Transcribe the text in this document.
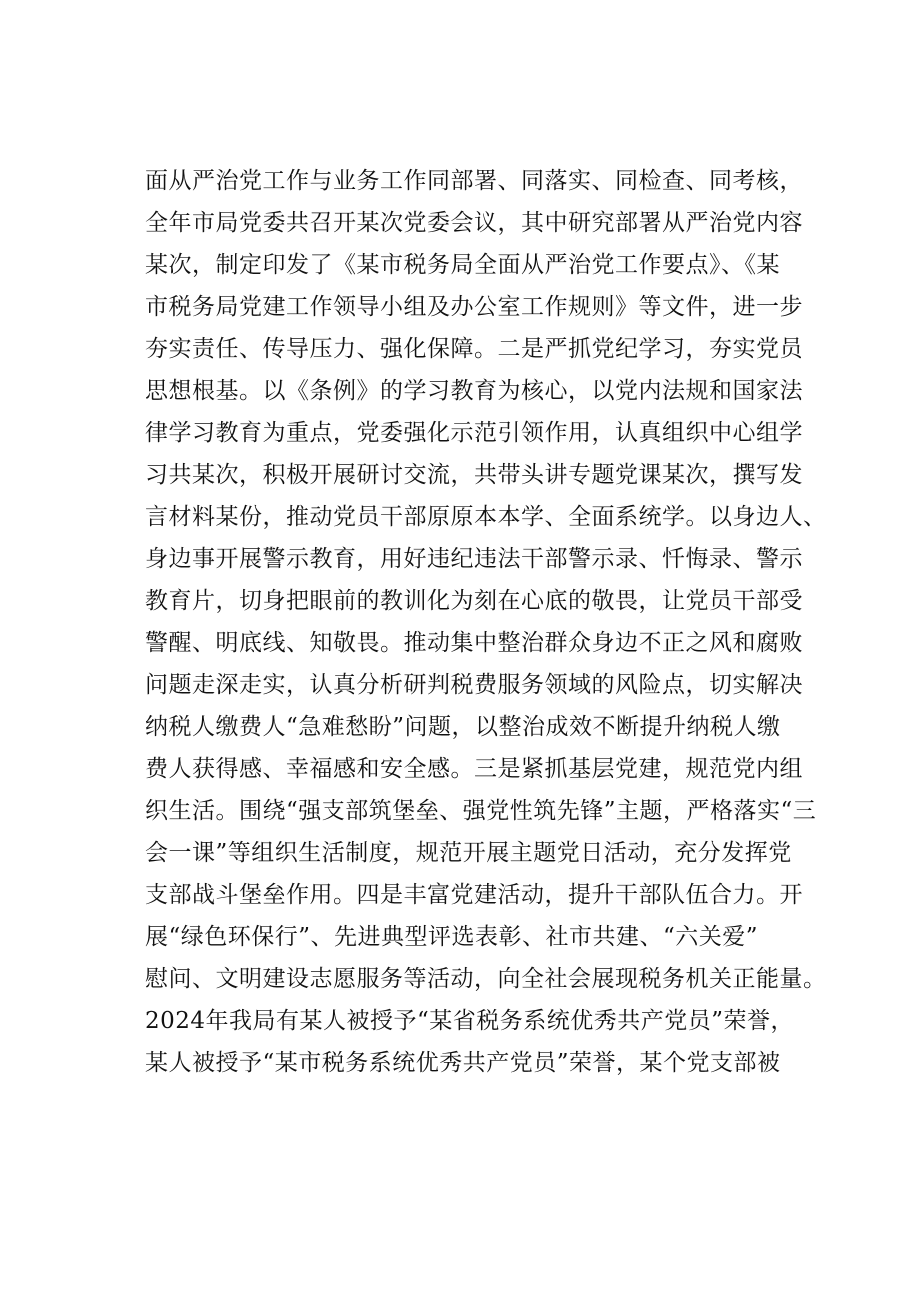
面从严治党工作与业务工作同部署、同落实、同检查、同考核，
全年市局党委共召开某次党委会议，其中研究部署从严治党内容
某次，制定印发了《某市税务局全面从严治党工作要点》、《某
市税务局党建工作领导小组及办公室工作规则》等文件，进一步
夯实责任、传导压力、强化保障。二是严抓党纪学习，夯实党员
思想根基。以《条例》的学习教育为核心，以党内法规和国家法
律学习教育为重点，党委强化示范引领作用，认真组织中心组学
习共某次，积极开展研讨交流，共带头讲专题党课某次，撰写发
言材料某份，推动党员干部原原本本学、全面系统学。以身边人、
身边事开展警示教育，用好违纪违法干部警示录、忏悔录、警示
教育片，切身把眼前的教训化为刻在心底的敬畏，让党员干部受
警醒、明底线、知敬畏。推动集中整治群众身边不正之风和腐败
问题走深走实，认真分析研判税费服务领域的风险点，切实解决
纳税人缴费人“急难愁盼”问题，以整治成效不断提升纳税人缴
费人获得感、幸福感和安全感。三是紧抓基层党建，规范党内组
织生活。围绕“强支部筑堡垒、强党性筑先锋”主题，严格落实“三
会一课”等组织生活制度，规范开展主题党日活动，充分发挥党
支部战斗堡垒作用。四是丰富党建活动，提升干部队伍合力。开
展“绿色环保行”、先进典型评选表彰、社市共建、“六关爱”
慰问、文明建设志愿服务等活动，向全社会展现税务机关正能量。
2024年我局有某人被授予“某省税务系统优秀共产党员”荣誉，
某人被授予“某市税务系统优秀共产党员”荣誉，某个党支部被
